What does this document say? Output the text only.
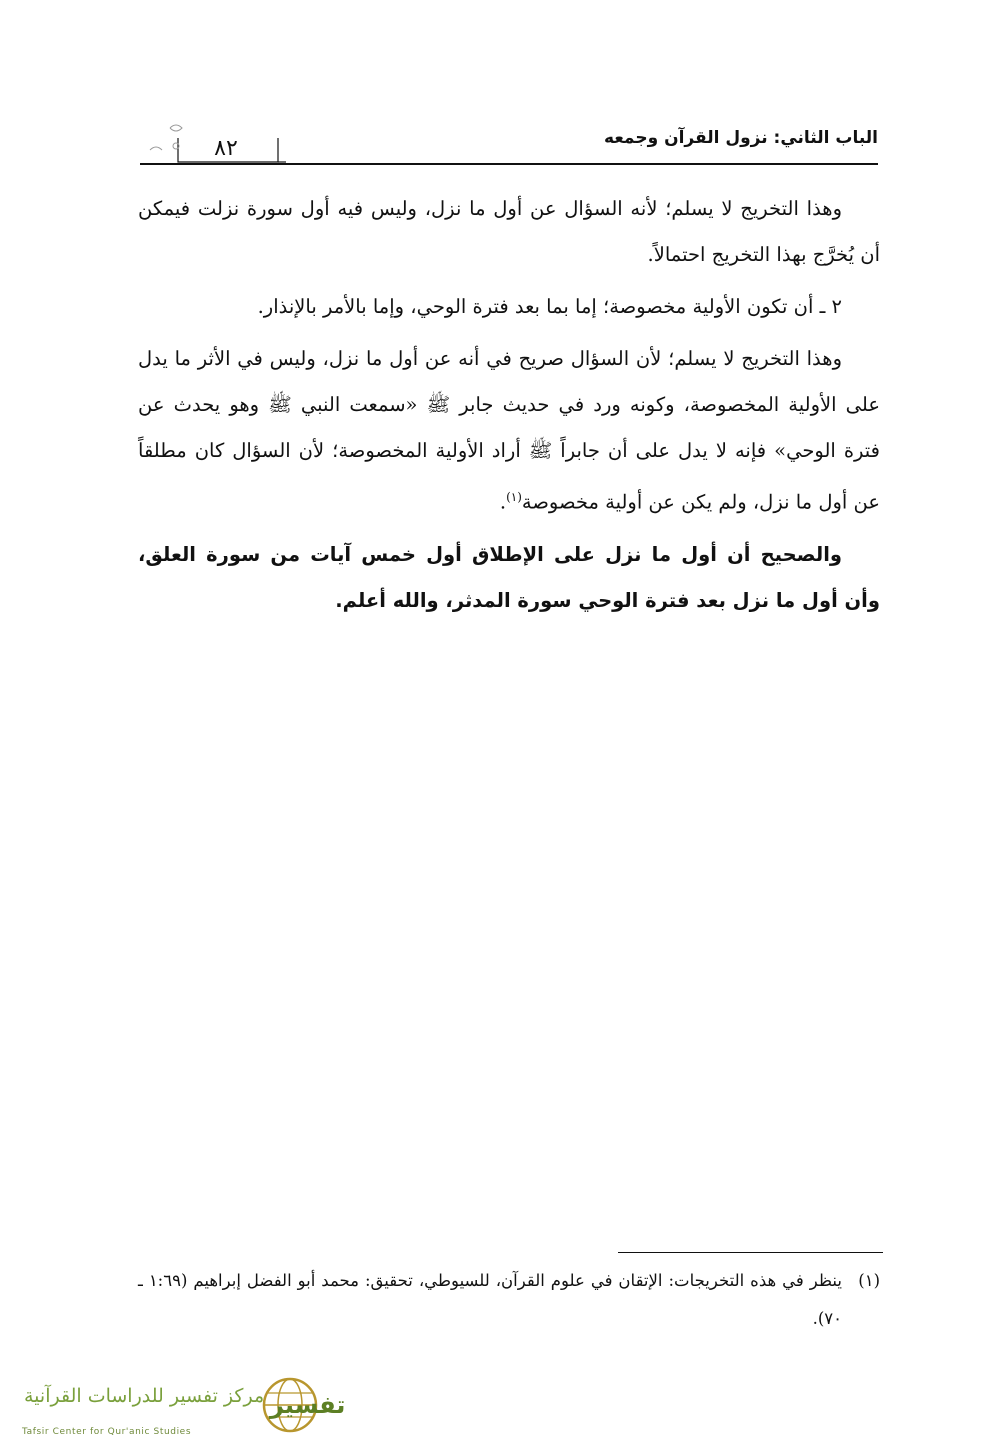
الباب الثاني: نزول القرآن وجمعه
٨٢

وهذا التخريج لا يسلم؛ لأنه السؤال عن أول ما نزل، وليس فيه أول سورة نزلت فيمكن أن يُخرَّج بهذا التخريج احتمالاً.

٢ ـ أن تكون الأولية مخصوصة؛ إما بما بعد فترة الوحي، وإما بالأمر بالإنذار.

وهذا التخريج لا يسلم؛ لأن السؤال صريح في أنه عن أول ما نزل، وليس في الأثر ما يدل على الأولية المخصوصة، وكونه ورد في حديث جابر ﷺ «سمعت النبي ﷺ وهو يحدث عن فترة الوحي» فإنه لا يدل على أن جابراً ﷺ أراد الأولية المخصوصة؛ لأن السؤال كان مطلقاً عن أول ما نزل، ولم يكن عن أولية مخصوصة$^{(١)}$.

والصحيح أن أول ما نزل على الإطلاق أول خمس آيات من سورة العلق، وأن أول ما نزل بعد فترة الوحي سورة المدثر، والله أعلم.

(١)
ينظر في هذه التخريجات: الإتقان في علوم القرآن، للسيوطي، تحقيق: محمد أبو الفضل إبراهيم (١:٦٩ ـ ٧٠).
تفسير
مركز تفسير للدراسات القرآنية
Tafsir Center for Qur'anic Studies
